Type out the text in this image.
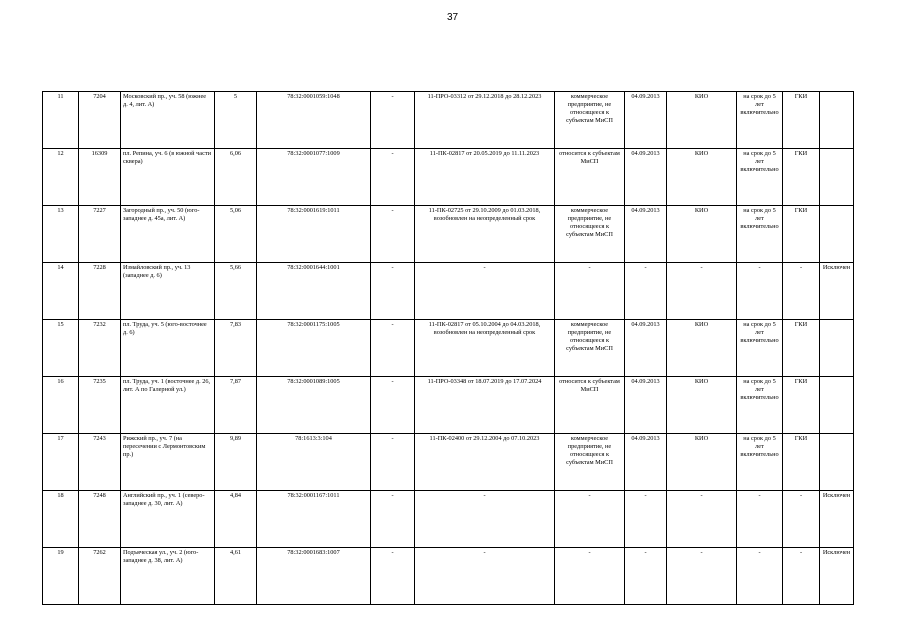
37
11	7204	Московский пр., уч. 58 (южнее д. 4, лит. А)	5	78:32:0001059:1048	-	11-ПРО-03312 от 29.12.2018 до 28.12.2023	коммерческое предприятие, не относящееся к субъектам МиСП	04.09.2013	КИО	на срок до 5 лет включительно	ГКИ	
12	16309	пл. Репина, уч. 6 (в южной части сквера)	6,06	78:32:0001077:1009	-	11-ПК-02817 от 20.05.2019 до 11.11.2023	относится к субъектам МиСП	04.09.2013	КИО	на срок до 5 лет включительно	ГКИ	
13	7227	Загородный пр., уч. 50 (юго-западнее д. 45а, лит. А)	5,06	78:32:0001619:1011	-	11-ПК-02725 от 29.10.2009 до 01.03.2018, возобновлен на неопределенный срок	коммерческое предприятие, не относящееся к субъектам МиСП	04.09.2013	КИО	на срок до 5 лет включительно	ГКИ	
14	7228	Измайловский пр., уч. 13 (западнее д. 6)	5,66	78:32:0001644:1001	-	-	-	-	-	-	-	Исключен
15	7232	пл. Труда, уч. 5 (юго-восточнее д. 6)	7,83	78:32:0001175:1005	-	11-ПК-02817 от 05.10.2004 до 04.03.2018, возобновлен на неопределенный срок	коммерческое предприятие, не относящееся к субъектам МиСП	04.09.2013	КИО	на срок до 5 лет включительно	ГКИ	
16	7235	пл. Труда, уч. 1 (восточнее д. 26, лит. А по Галерной ул.)	7,87	78:32:0001089:1005	-	11-ПРО-03348 от 18.07.2019 до 17.07.2024	относится к субъектам МиСП	04.09.2013	КИО	на срок до 5 лет включительно	ГКИ	
17	7243	Рижский пр., уч. 7 (на пересечении с Лермонтовским пр.)	9,89	78:1613:3:104	-	11-ПК-02400 от 29.12.2004 до 07.10.2023	коммерческое предприятие, не относящееся к субъектам МиСП	04.09.2013	КИО	на срок до 5 лет включительно	ГКИ	
18	7248	Английский пр., уч. 1 (северо-западнее д. 30, лит. А)	4,84	78:32:0001167:1011	-	-	-	-	-	-	-	Исключен
19	7262	Подъяческая ул., уч. 2 (юго-западнее д. 38, лит. А)	4,61	78:32:0001683:1007	-	-	-	-	-	-	-	Исключен
